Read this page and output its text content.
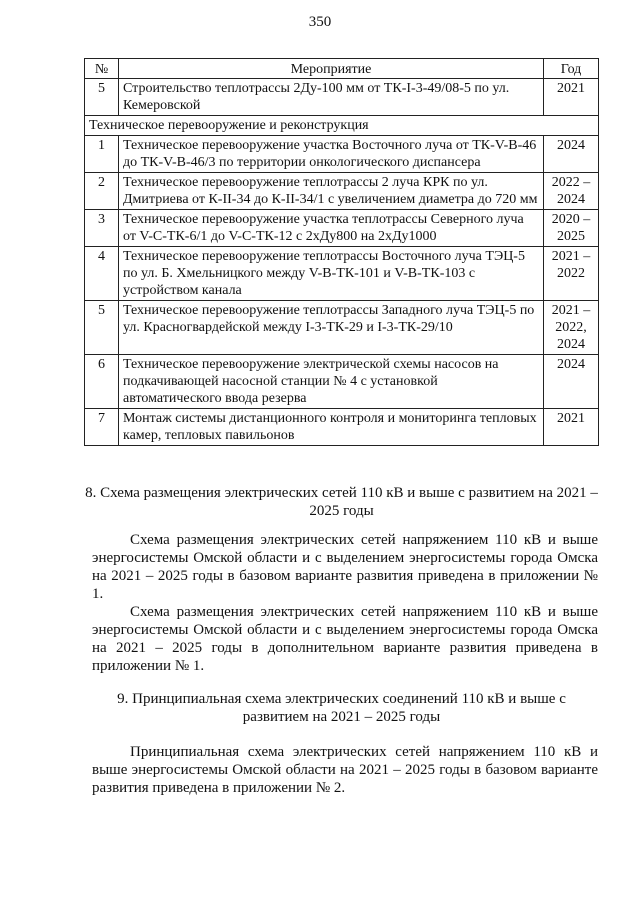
350
№	Мероприятие	Год
5	Строительство теплотрассы 2Ду-100 мм от ТК-I-3-49/08-5 по ул. Кемеровской	2021
Техническое перевооружение и реконструкция		
1	Техническое перевооружение участка Восточного луча от ТК-V-В-46 до ТК-V-В-46/3 по территории онкологического диспансера	2024
2	Техническое перевооружение теплотрассы 2 луча КРК по ул. Дмитриева от К-II-34 до К-II-34/1 с увеличением диаметра до 720 мм	2022 – 2024
3	Техническое перевооружение участка теплотрассы Северного луча от V-С-ТК-6/1 до V-С-ТК-12 с 2хДу800 на 2хДу1000	2020 – 2025
4	Техническое перевооружение теплотрассы Восточного луча ТЭЦ-5 по ул. Б. Хмельницкого между V-В-ТК-101 и V-В-ТК-103 с устройством канала	2021 – 2022
5	Техническое перевооружение теплотрассы Западного луча ТЭЦ-5 по ул. Красногвардейской между I-3-ТК-29 и I-3-ТК-29/10	2021 – 2022, 2024
6	Техническое перевооружение электрической схемы насосов на подкачивающей насосной станции № 4 с установкой автоматического ввода резерва	2024
7	Монтаж системы дистанционного контроля и мониторинга тепловых камер, тепловых павильонов	2021
8. Схема размещения электрических сетей 110 кВ и выше с развитием на 2021 – 2025 годы

Схема размещения электрических сетей напряжением 110 кВ и выше энергосистемы Омской области и с выделением энергосистемы города Омска на 2021 – 2025 годы в базовом варианте развития приведена в приложении № 1.

Схема размещения электрических сетей напряжением 110 кВ и выше энергосистемы Омской области и с выделением энергосистемы города Омска на 2021 – 2025 годы в дополнительном варианте развития приведена в приложении № 1.

9. Принципиальная схема электрических соединений 110 кВ и выше с развитием на 2021 – 2025 годы

Принципиальная схема электрических сетей напряжением 110 кВ и выше энергосистемы Омской области на 2021 – 2025 годы в базовом варианте развития приведена в приложении № 2.
